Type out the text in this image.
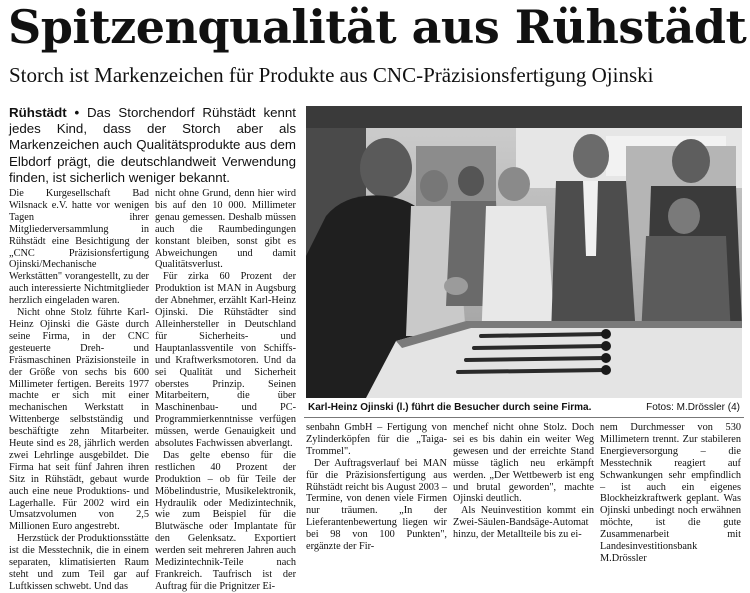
Spitzenqualität aus Rühstädt
Storch ist Markenzeichen für Produkte aus CNC-Präzisionsfertigung Ojinski
Rühstädt • Das Storchendorf Rühstädt kennt jedes Kind, dass der Storch aber als Markenzeichen auch Qualitätsprodukte aus dem Elbdorf prägt, die deutschlandweit Verwendung finden, ist sicherlich weniger bekannt.

Die Kurgesellschaft Bad Wilsnack e.V. hatte vor wenigen Tagen ihrer Mitgliederversammlung in Rühstädt eine Besichtigung der „CNC Präzisionsfertigung Ojinski/Mechanische Werkstätten" vorangestellt, zu der auch interessierte Nichtmitglieder herzlich eingeladen waren.

Nicht ohne Stolz führte Karl-Heinz Ojinski die Gäste durch seine Firma, in der CNC gesteuerte Dreh- und Fräsmaschinen Präzisionsteile in der Größe von sechs bis 600 Millimeter fertigen. Bereits 1977 machte er sich mit einer mechanischen Werkstatt in Wittenberge selbstständig und beschäftigte zehn Mitarbeiter. Heute sind es 28, jährlich werden zwei Lehrlinge ausgebildet. Die Firma hat seit fünf Jahren ihren Sitz in Rühstädt, gebaut wurde auch eine neue Produktions- und Lagerhalle. Für 2002 wird ein Umsatzvolumen von 2,5 Millionen Euro angestrebt.

Herzstück der Produktionsstätte ist die Messtechnik, die in einem separaten, klimatisierten Raum steht und zum Teil gar auf Luftkissen schwebt. Und das

nicht ohne Grund, denn hier wird bis auf den 10 000. Millimeter genau gemessen. Deshalb müssen auch die Raumbedingungen konstant bleiben, sonst gibt es Abweichungen und damit Qualitätsverlust.

Für zirka 60 Prozent der Produktion ist MAN in Augsburg der Abnehmer, erzählt Karl-Heinz Ojinski. Die Rühstädter sind Alleinhersteller in Deutschland für Sicherheits- und Hauptanlassventile von Schiffs- und Kraftwerksmotoren. Und da sei Qualität und Sicherheit oberstes Prinzip. Seinen Mitarbeitern, die über Maschinenbau- und PC-Programmierkenntnisse verfügen müssen, werde Genauigkeit und absolutes Fachwissen abverlangt.

Das gelte ebenso für die restlichen 40 Prozent der Produktion – ob für Teile der Möbelindustrie, Musikelektronik, Hydraulik oder Medizintechnik, wie zum Beispiel für die Blutwäsche oder Implantate für den Gelenksatz. Exportiert werden seit mehreren Jahren auch Medizintechnik-Teile nach Frankreich. Taufrisch ist der Auftrag für die Prignitzer Ei-

Karl-Heinz Ojinski (l.) führt die Besucher durch seine Firma.	Fotos: M.Drössler (4)

senbahn GmbH – Fertigung von Zylinderköpfen für die „Taiga-Trommel".

Der Auftragsverlauf bei MAN für die Präzisionsfertigung aus Rühstädt reicht bis August 2003 – Termine, von denen viele Firmen nur träumen. „In der Lieferantenbewertung liegen wir bei 98 von 100 Punkten", ergänzte der Fir-

menchef nicht ohne Stolz. Doch sei es bis dahin ein weiter Weg gewesen und der erreichte Stand müsse täglich neu erkämpft werden. „Der Wettbewerb ist eng und brutal geworden", machte Ojinski deutlich.

Als Neuinvestition kommt ein Zwei-Säulen-Bandsäge-Automat hinzu, der Metallteile bis zu ei-

nem Durchmesser von 530 Millimetern trennt. Zur stabileren Energieversorgung – die Messtechnik reagiert auf Schwankungen sehr empfindlich – ist auch ein eigenes Blockheizkraftwerk geplant. Was Ojinski unbedingt noch erwähnen möchte, ist die gute Zusammenarbeit mit Landesinvestitionsbank M.Drössler
